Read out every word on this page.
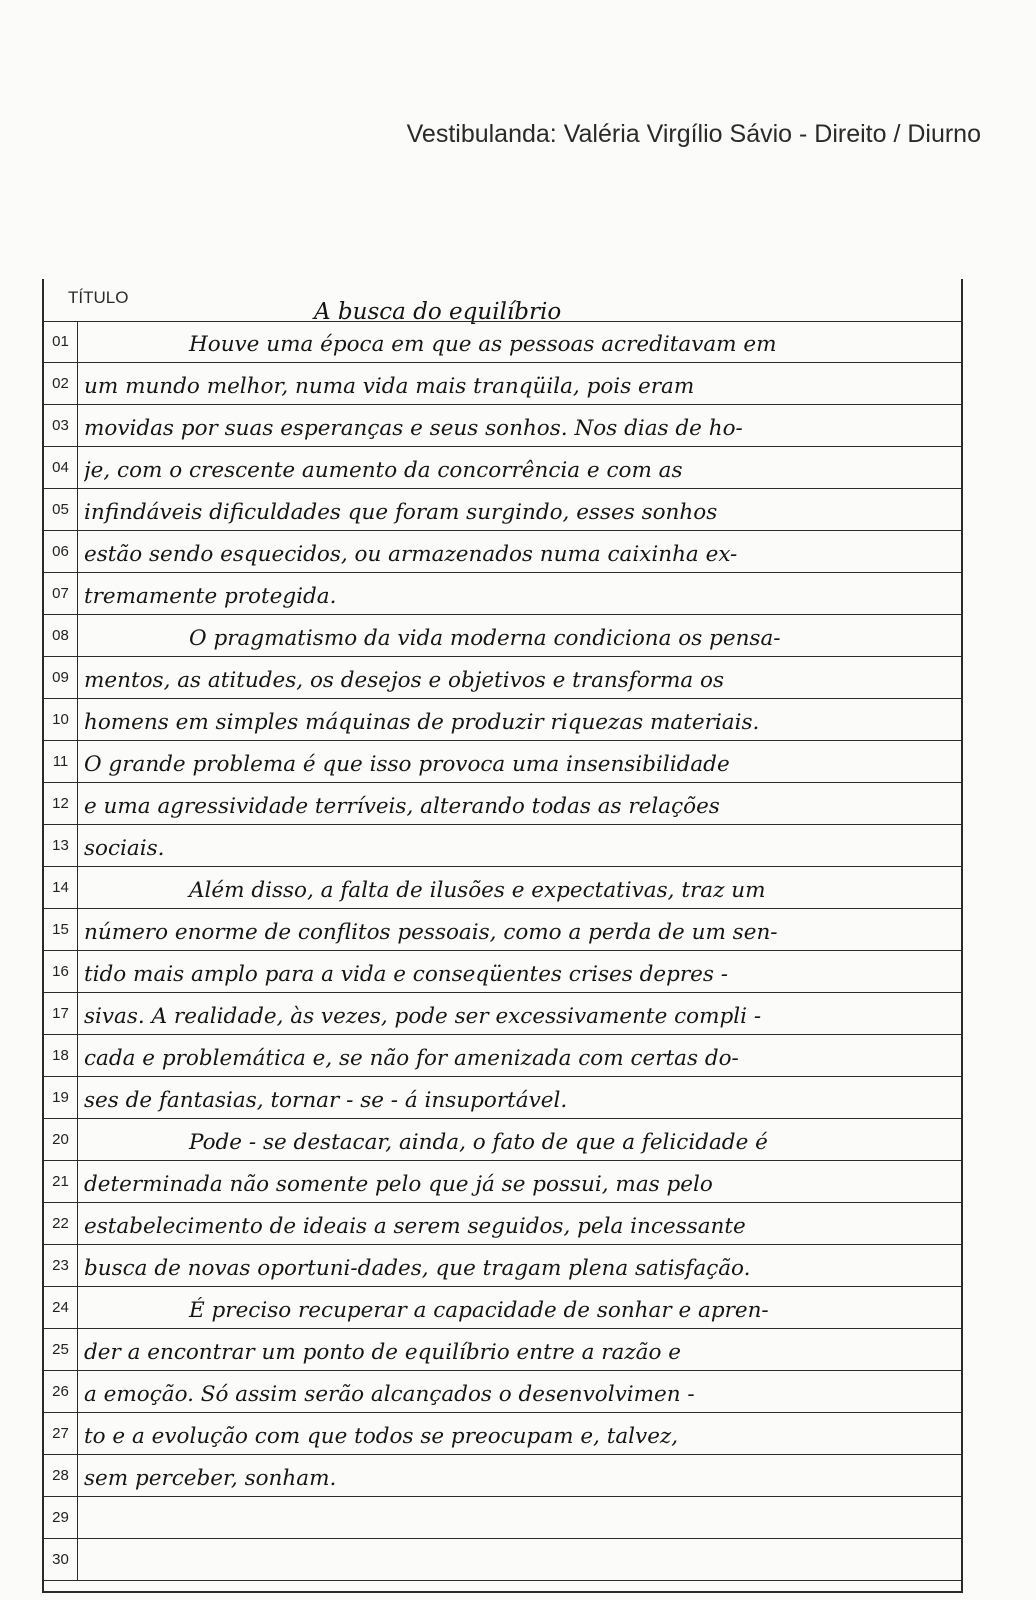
Vestibulanda: Valéria Virgílio Sávio - Direito / Diurno
TÍTULO
A busca do equilíbrio
01	Houve uma época em que as pessoas acreditavam em
02 um mundo melhor, numa vida mais tranqüila, pois eram
03 movidas por suas esperanças e seus sonhos. Nos dias de ho-
04 je, com o crescente aumento da concorrência e com as
05 infindáveis dificuldades que foram surgindo, esses sonhos
06 estão sendo esquecidos, ou armazenados numa caixinha ex-
07 tremamente protegida.
08	O pragmatismo da vida moderna condiciona os pensa-
09 mentos, as atitudes, os desejos e objetivos e transforma os
10 homens em simples máquinas de produzir riquezas materiais.
11 O grande problema é que isso provoca uma insensibilidade
12 e uma agressividade terríveis, alterando todas as relações
13 sociais.
14	Além disso, a falta de ilusões e expectativas, traz um
15 número enorme de conflitos pessoais, como a perda de um sen-
16 tido mais amplo para a vida e conseqüentes crises depres -
17 sivas. A realidade, às vezes, pode ser excessivamente compli -
18 cada e problemática e, se não for amenizada com certas do-
19 ses de fantasias, tornar - se - á insuportável.
20	Pode - se destacar, ainda, o fato de que a felicidade é
21 determinada não somente pelo que já se possui, mas pelo
22 estabelecimento de ideais a serem seguidos, pela incessante
23 busca de novas oportuni-dades, que tragam plena satisfação.
24	É preciso recuperar a capacidade de sonhar e apren-
25 der a encontrar um ponto de equilíbrio entre a razão e
26 a emoção. Só assim serão alcançados o desenvolvimen -
27 to e a evolução com que todos se preocupam e, talvez,
28 sem perceber, sonham.
29
30
